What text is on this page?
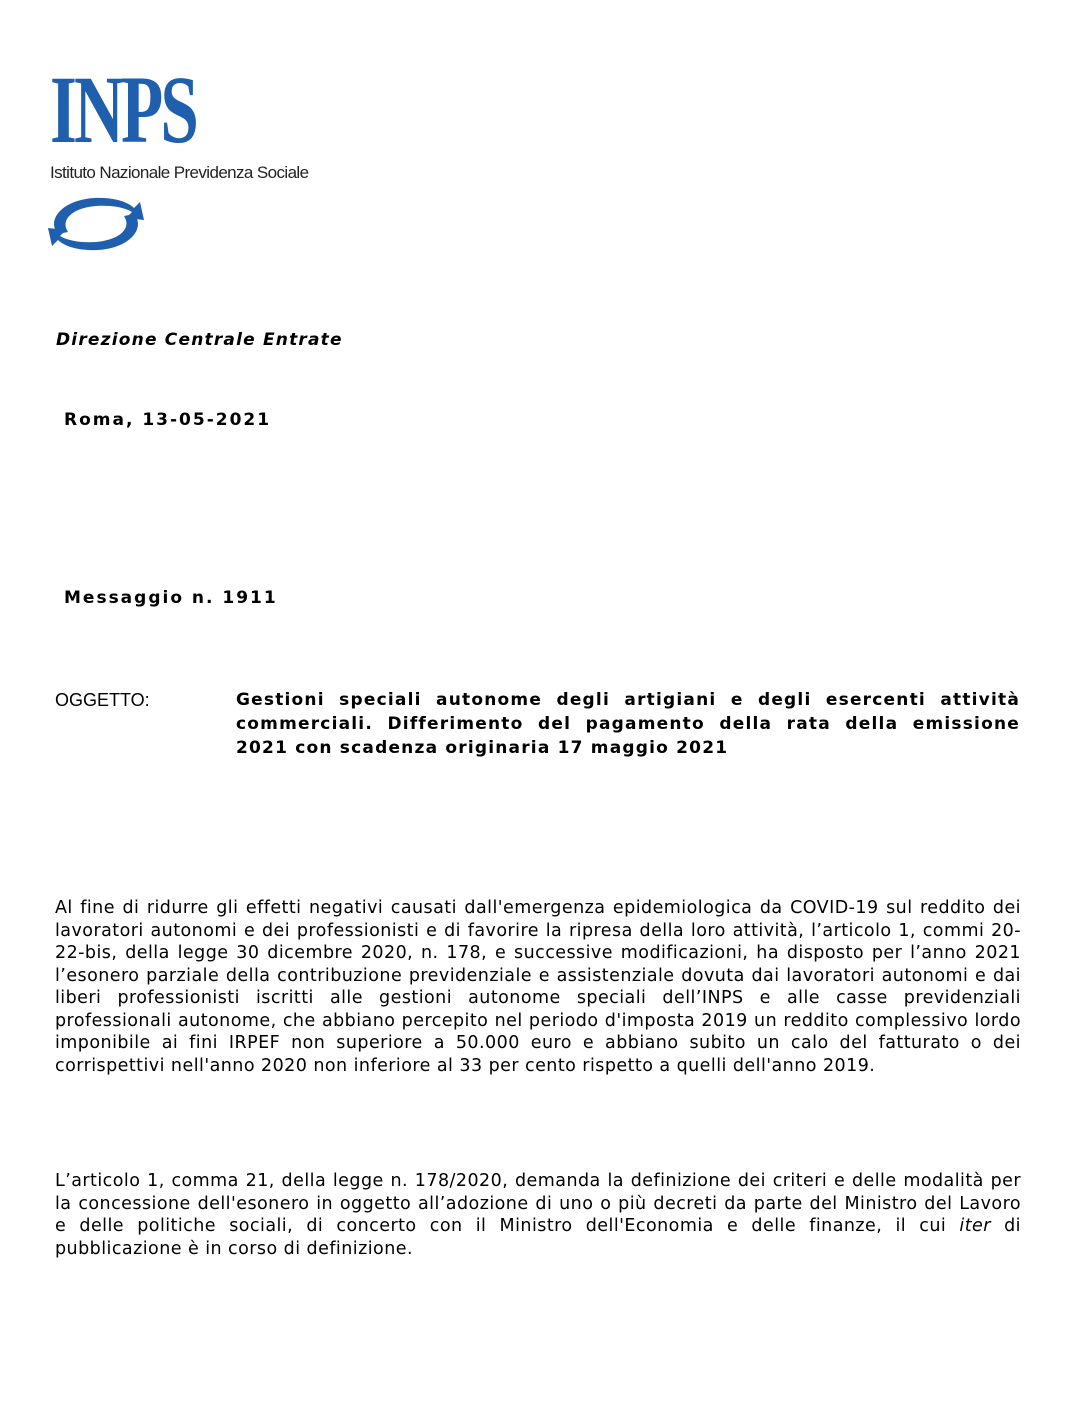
INPS
Istituto Nazionale Previdenza Sociale
Direzione Centrale Entrate
Roma, 13-05-2021
Messaggio n. 1911
OGGETTO:	Gestioni speciali autonome degli artigiani e degli esercenti attività commerciali. Differimento del pagamento della rata della emissione 2021 con scadenza originaria 17 maggio 2021
Al fine di ridurre gli effetti negativi causati dall'emergenza epidemiologica da COVID-19 sul reddito dei lavoratori autonomi e dei professionisti e di favorire la ripresa della loro attività, l’articolo 1, commi 20-22-bis, della legge 30 dicembre 2020, n. 178, e successive modificazioni, ha disposto per l’anno 2021 l’esonero parziale della contribuzione previdenziale e assistenziale dovuta dai lavoratori autonomi e dai liberi professionisti iscritti alle gestioni autonome speciali dell’INPS e alle casse previdenziali professionali autonome, che abbiano percepito nel periodo d'imposta 2019 un reddito complessivo lordo imponibile ai fini IRPEF non superiore a 50.000 euro e abbiano subito un calo del fatturato o dei corrispettivi nell'anno 2020 non inferiore al 33 per cento rispetto a quelli dell'anno 2019.
L’articolo 1, comma 21, della legge n. 178/2020, demanda la definizione dei criteri e delle modalità per la concessione dell'esonero in oggetto all’adozione di uno o più decreti da parte del Ministro del Lavoro e delle politiche sociali, di concerto con il Ministro dell'Economia e delle finanze, il cui iter di pubblicazione è in corso di definizione.
